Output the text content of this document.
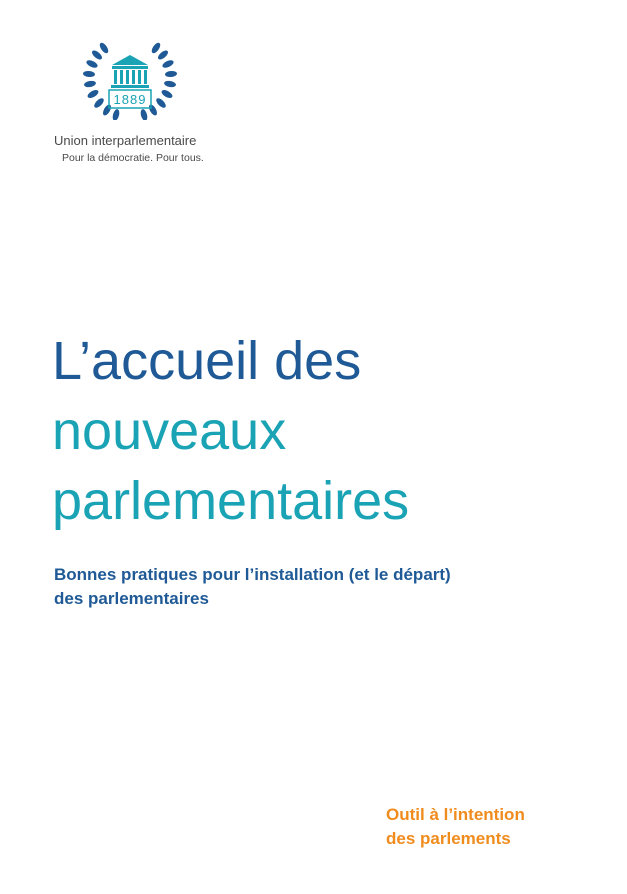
1889
Union interparlementaire
Pour la démocratie. Pour tous.
L’accueil des
nouveaux
parlementaires
Bonnes pratiques pour l’installation (et le départ)
des parlementaires
Outil à l’intention
des parlements
